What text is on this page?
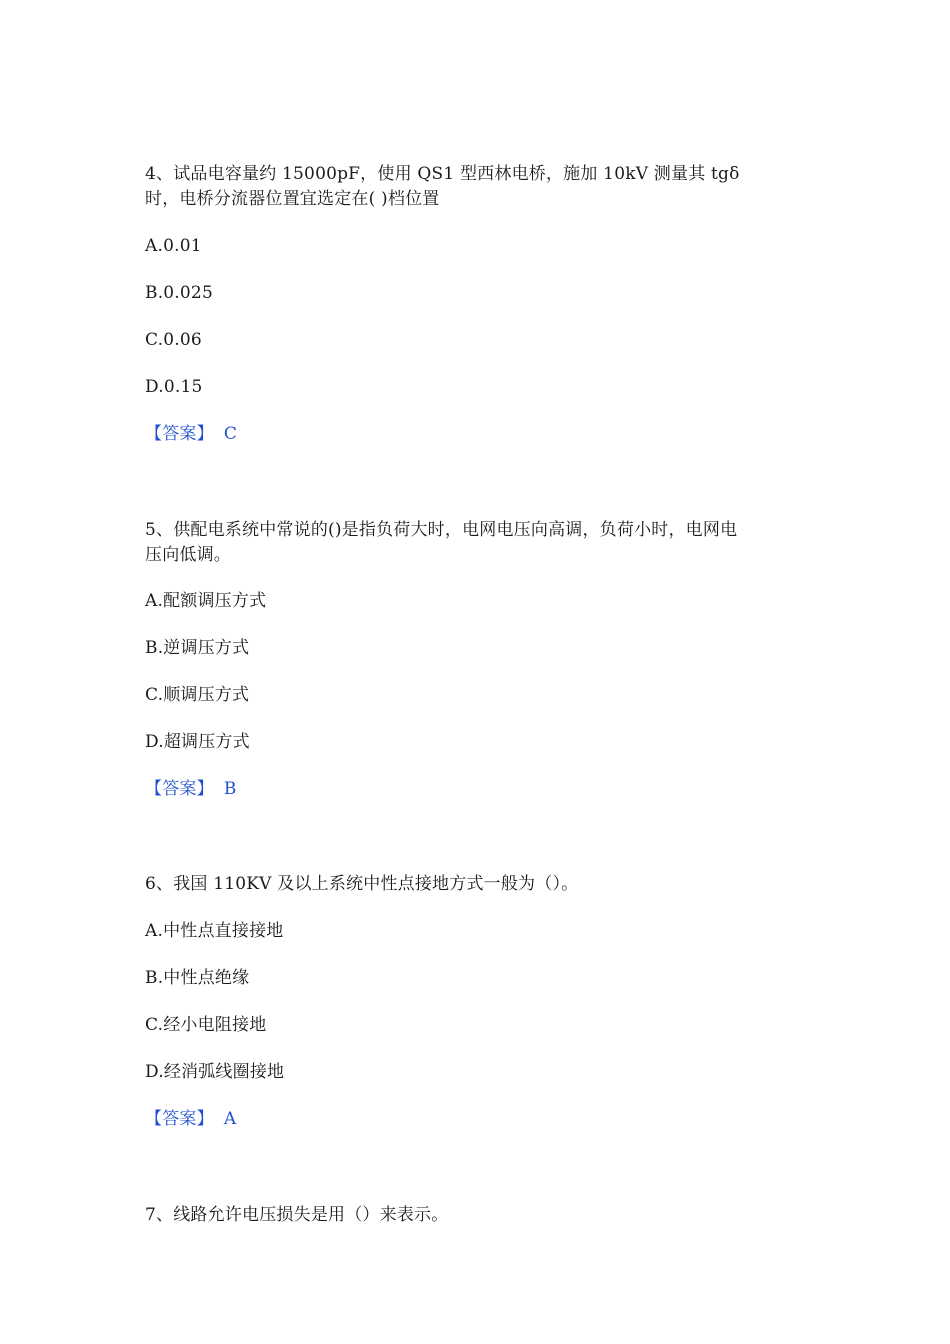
4、试品电容量约 15000pF，使用 QS1 型西林电桥，施加 10kV 测量其 tgδ
时，电桥分流器位置宜选定在( )档位置
A.0.01
B.0.025
C.0.06
D.0.15
【答案】 C
5、供配电系统中常说的()是指负荷大时，电网电压向高调，负荷小时，电网电
压向低调。
A.配额调压方式
B.逆调压方式
C.顺调压方式
D.超调压方式
【答案】 B
6、我国 110KV 及以上系统中性点接地方式一般为（）。
A.中性点直接接地
B.中性点绝缘
C.经小电阻接地
D.经消弧线圈接地
【答案】 A
7、线路允许电压损失是用（）来表示。
